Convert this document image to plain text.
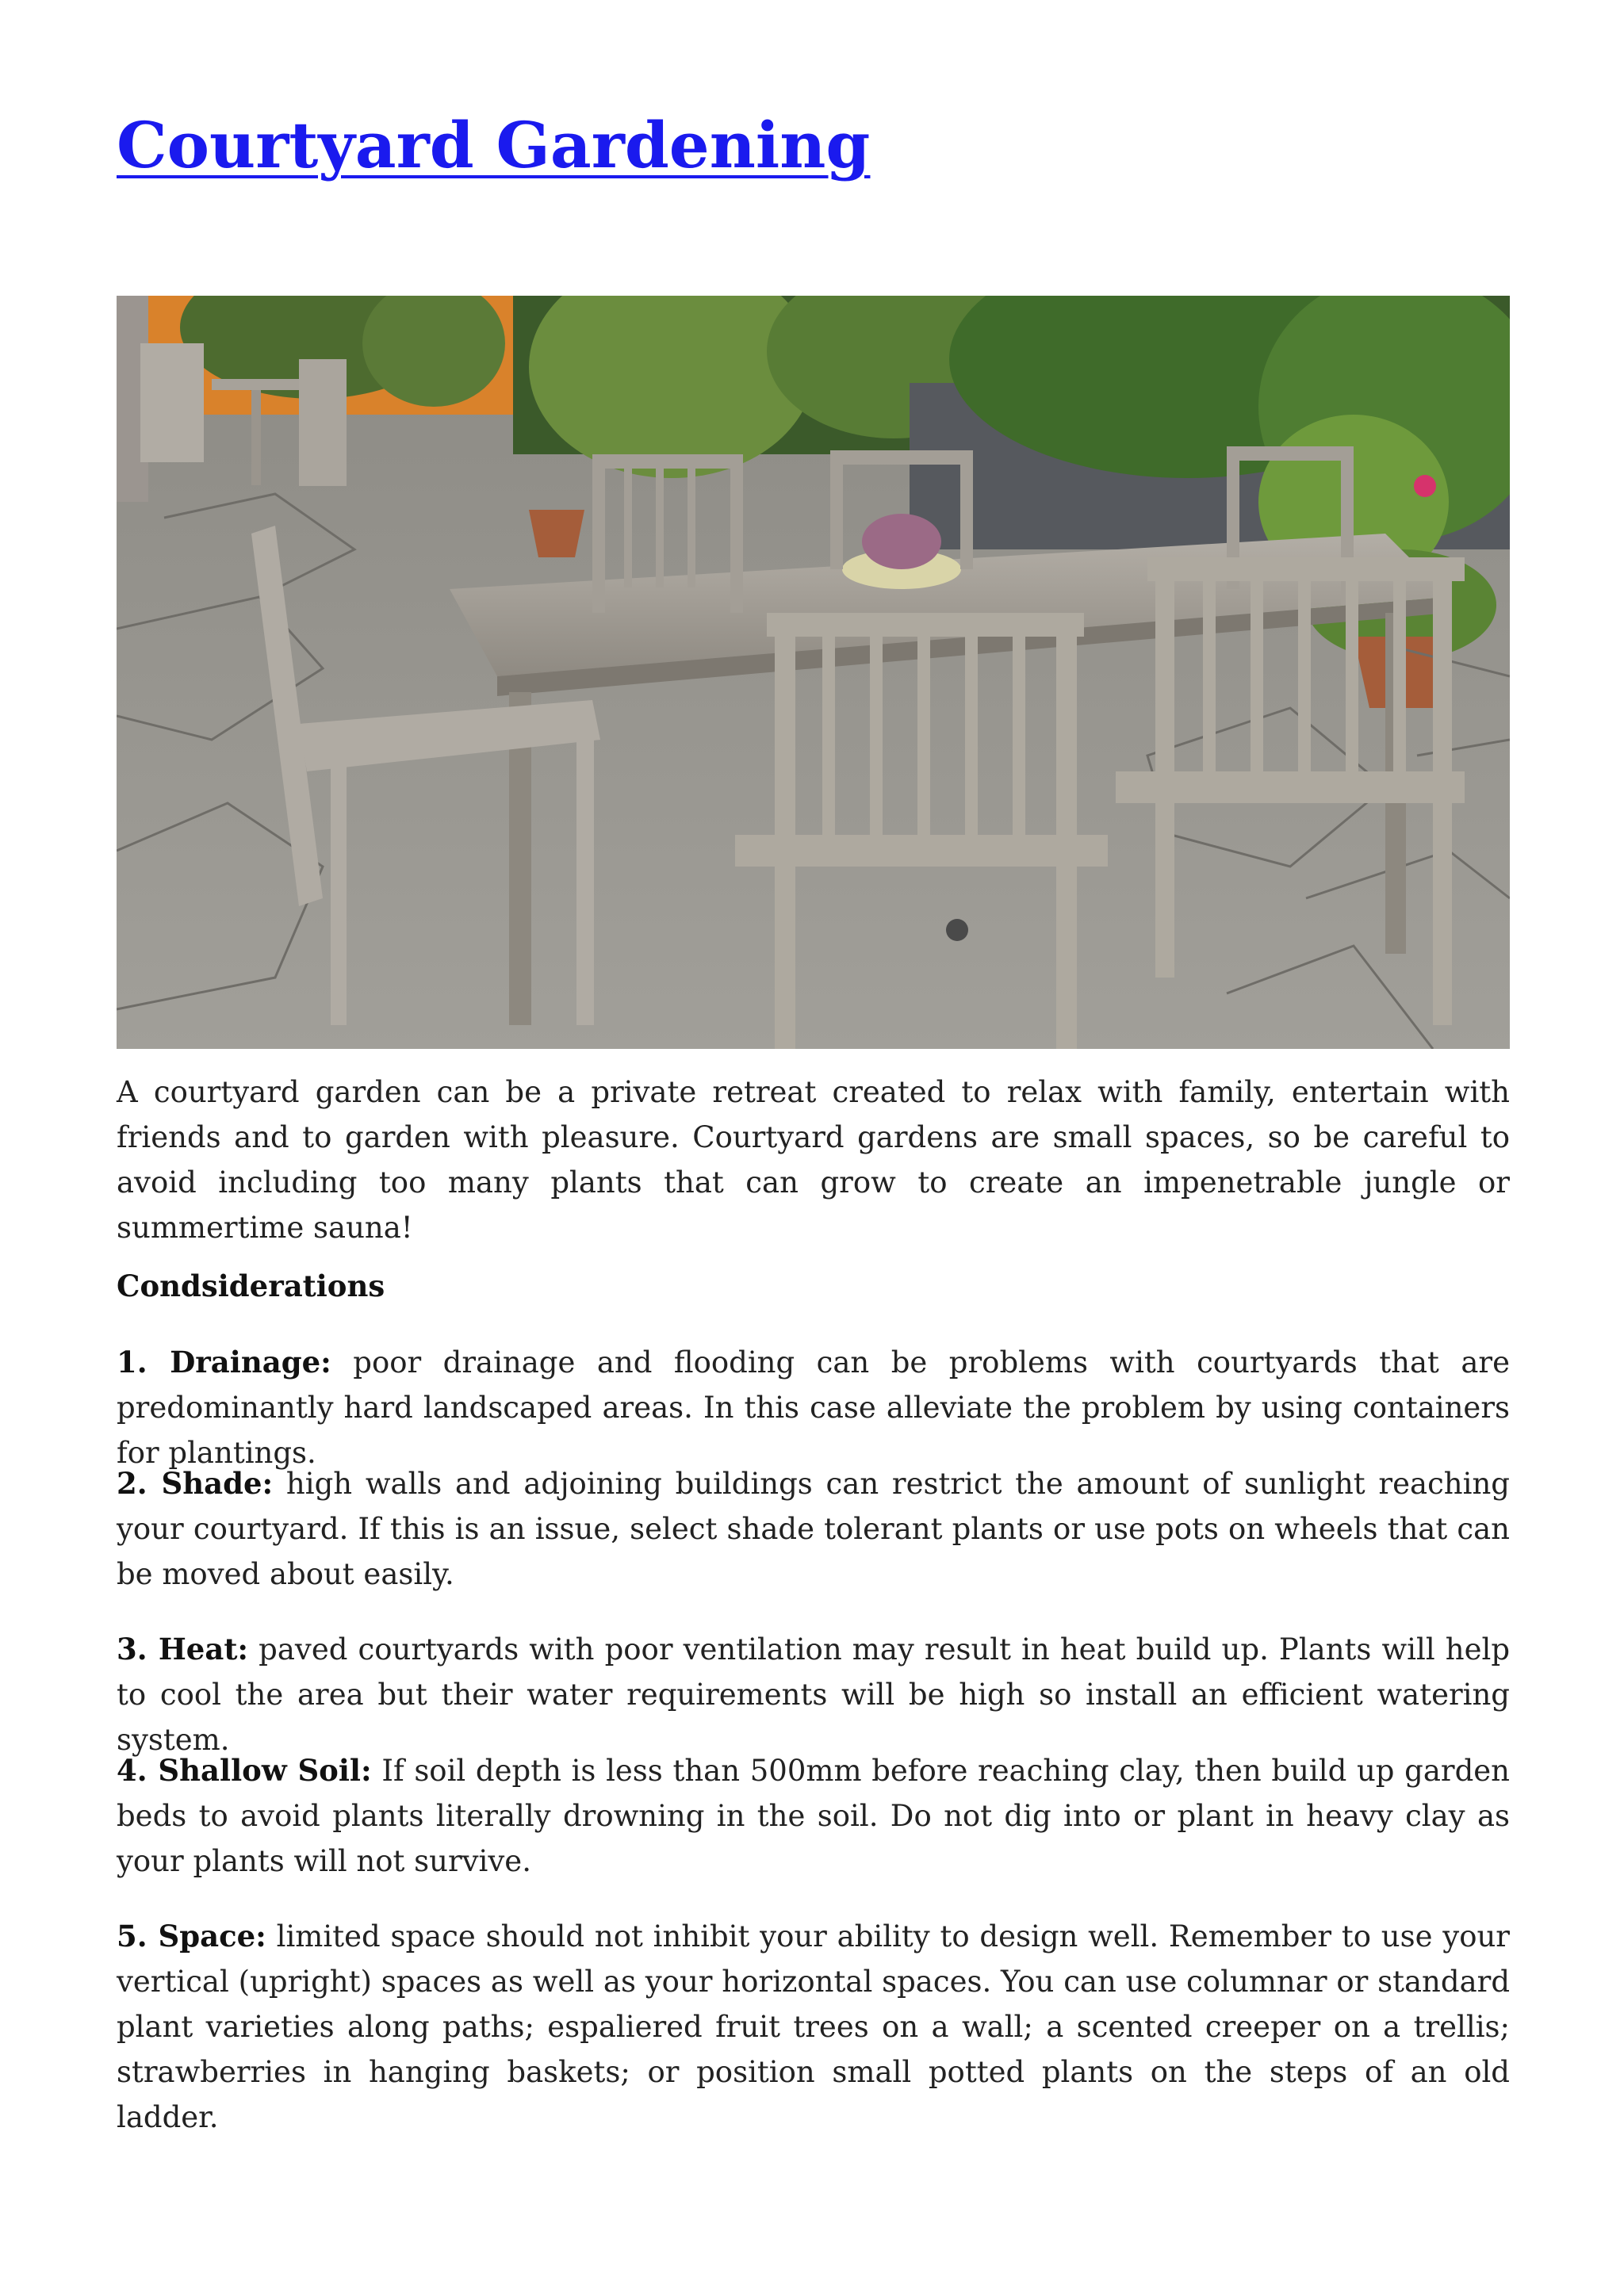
Courtyard Gardening

A courtyard garden can be a private retreat created to relax with family, entertain with friends and to garden with pleasure. Courtyard gardens are small spaces, so be careful to avoid including too many plants that can grow to create an impenetrable jungle or summertime sauna!

Condsiderations

1. Drainage: poor drainage and flooding can be problems with courtyards that are predominantly hard landscaped areas. In this case alleviate the problem by using containers for plantings.

2. Shade: high walls and adjoining buildings can restrict the amount of sunlight reaching your courtyard. If this is an issue, select shade tolerant plants or use pots on wheels that can be moved about easily.

3. Heat: paved courtyards with poor ventilation may result in heat build up. Plants will help to cool the area but their water requirements will be high so install an efficient watering system.

4. Shallow Soil: If soil depth is less than 500mm before reaching clay, then build up garden beds to avoid plants literally drowning in the soil. Do not dig into or plant in heavy clay as your plants will not survive.

5. Space: limited space should not inhibit your ability to design well. Remember to use your vertical (upright) spaces as well as your horizontal spaces. You can use columnar or standard plant varieties along paths; espaliered fruit trees on a wall; a scented creeper on a trellis; strawberries in hanging baskets; or position small potted plants on the steps of an old ladder.
